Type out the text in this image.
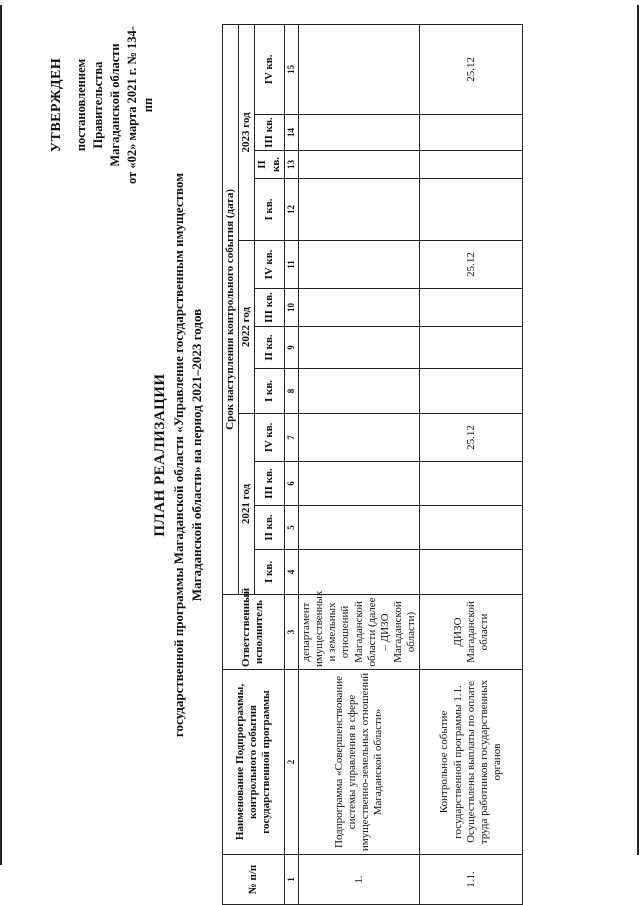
УТВЕРЖДЕН постановлением Правительства Магаданской области от «02» марта 2021 г. № 134-пп
ПЛАН РЕАЛИЗАЦИИ государственной программы Магаданской области «Управление государственным имуществом Магаданской области» на период 2021–2023 годов
№ п/п	Наименование Подпрограммы, контрольного события государственной программы	Ответственный исполнитель	Срок наступления контрольного события (дата)											
			2021 год				2022 год				2023 год			
			I кв.	II кв.	III кв.	IV кв.	I кв.	II кв.	III кв.	IV кв.	I кв.	II кв.	III кв.	IV кв.
1	2	3	4	5	6	7	8	9	10	11	12	13	14	15
1.	Подпрограмма «Совершенствование системы управления в сфере имущественно-земельных отношений Магаданской области»	департамент имущественных и земельных отношений Магаданской области (далее – ДИЗО Магаданской области)												
1.1.	Контрольное событие государственной программы 1.1. Осуществлены выплаты по оплате труда работников государственных органов	ДИЗО Магаданской области				25.12				25.12				25.12
